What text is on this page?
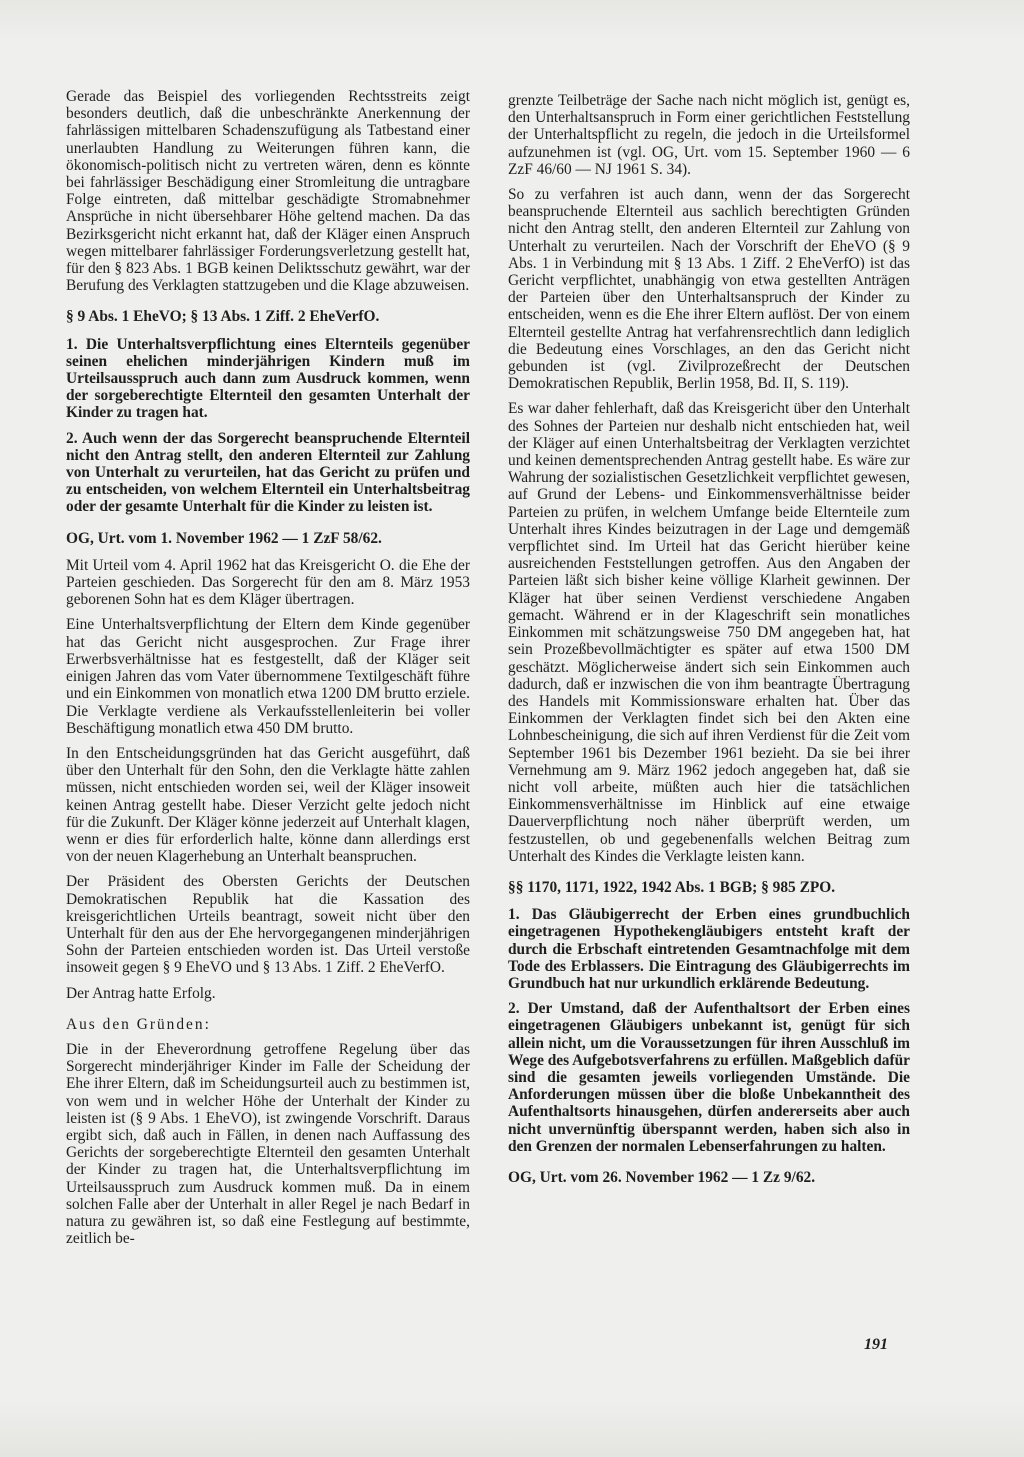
Gerade das Beispiel des vorliegenden Rechtsstreits zeigt besonders deutlich, daß die unbeschränkte Anerkennung der fahrlässigen mittelbaren Schadenszufügung als Tatbestand einer unerlaubten Handlung zu Weiterungen führen kann, die ökonomisch-politisch nicht zu vertreten wären, denn es könnte bei fahrlässiger Beschädigung einer Stromleitung die untragbare Folge eintreten, daß mittelbar geschädigte Stromabnehmer Ansprüche in nicht übersehbarer Höhe geltend machen. Da das Bezirksgericht nicht erkannt hat, daß der Kläger einen Anspruch wegen mittelbarer fahrlässiger Forderungsverletzung gestellt hat, für den § 823 Abs. 1 BGB keinen Deliktsschutz gewährt, war der Berufung des Verklagten stattzugeben und die Klage abzuweisen.

§ 9 Abs. 1 EheVO; § 13 Abs. 1 Ziff. 2 EheVerfO.

1. Die Unterhaltsverpflichtung eines Elternteils gegenüber seinen ehelichen minderjährigen Kindern muß im Urteilsausspruch auch dann zum Ausdruck kommen, wenn der sorgeberechtigte Elternteil den gesamten Unterhalt der Kinder zu tragen hat.

2. Auch wenn der das Sorgerecht beanspruchende Elternteil nicht den Antrag stellt, den anderen Elternteil zur Zahlung von Unterhalt zu verurteilen, hat das Gericht zu prüfen und zu entscheiden, von welchem Elternteil ein Unterhaltsbeitrag oder der gesamte Unterhalt für die Kinder zu leisten ist.

OG, Urt. vom 1. November 1962 — 1 ZzF 58/62.

Mit Urteil vom 4. April 1962 hat das Kreisgericht O. die Ehe der Parteien geschieden. Das Sorgerecht für den am 8. März 1953 geborenen Sohn hat es dem Kläger übertragen.

Eine Unterhaltsverpflichtung der Eltern dem Kinde gegenüber hat das Gericht nicht ausgesprochen. Zur Frage ihrer Erwerbsverhältnisse hat es festgestellt, daß der Kläger seit einigen Jahren das vom Vater übernommene Textilgeschäft führe und ein Einkommen von monatlich etwa 1200 DM brutto erziele. Die Verklagte verdiene als Verkaufsstellenleiterin bei voller Beschäftigung monatlich etwa 450 DM brutto.

In den Entscheidungsgründen hat das Gericht ausgeführt, daß über den Unterhalt für den Sohn, den die Verklagte hätte zahlen müssen, nicht entschieden worden sei, weil der Kläger insoweit keinen Antrag gestellt habe. Dieser Verzicht gelte jedoch nicht für die Zukunft. Der Kläger könne jederzeit auf Unterhalt klagen, wenn er dies für erforderlich halte, könne dann allerdings erst von der neuen Klagerhebung an Unterhalt beanspruchen.

Der Präsident des Obersten Gerichts der Deutschen Demokratischen Republik hat die Kassation des kreisgerichtlichen Urteils beantragt, soweit nicht über den Unterhalt für den aus der Ehe hervorgegangenen minderjährigen Sohn der Parteien entschieden worden ist. Das Urteil verstoße insoweit gegen § 9 EheVO und § 13 Abs. 1 Ziff. 2 EheVerfO.

Der Antrag hatte Erfolg.

Aus den Gründen:

Die in der Eheverordnung getroffene Regelung über das Sorgerecht minderjähriger Kinder im Falle der Scheidung der Ehe ihrer Eltern, daß im Scheidungsurteil auch zu bestimmen ist, von wem und in welcher Höhe der Unterhalt der Kinder zu leisten ist (§ 9 Abs. 1 EheVO), ist zwingende Vorschrift. Daraus ergibt sich, daß auch in Fällen, in denen nach Auffassung des Gerichts der sorgeberechtigte Elternteil den gesamten Unterhalt der Kinder zu tragen hat, die Unterhaltsverpflichtung im Urteilsausspruch zum Ausdruck kommen muß. Da in einem solchen Falle aber der Unterhalt in aller Regel je nach Bedarf in natura zu gewähren ist, so daß eine Festlegung auf bestimmte, zeitlich be-

grenzte Teilbeträge der Sache nach nicht möglich ist, genügt es, den Unterhaltsanspruch in Form einer gerichtlichen Feststellung der Unterhaltspflicht zu regeln, die jedoch in die Urteilsformel aufzunehmen ist (vgl. OG, Urt. vom 15. September 1960 — 6 ZzF 46/60 — NJ 1961 S. 34).

So zu verfahren ist auch dann, wenn der das Sorgerecht beanspruchende Elternteil aus sachlich berechtigten Gründen nicht den Antrag stellt, den anderen Elternteil zur Zahlung von Unterhalt zu verurteilen. Nach der Vorschrift der EheVO (§ 9 Abs. 1 in Verbindung mit § 13 Abs. 1 Ziff. 2 EheVerfO) ist das Gericht verpflichtet, unabhängig von etwa gestellten Anträgen der Parteien über den Unterhaltsanspruch der Kinder zu entscheiden, wenn es die Ehe ihrer Eltern auflöst. Der von einem Elternteil gestellte Antrag hat verfahrensrechtlich dann lediglich die Bedeutung eines Vorschlages, an den das Gericht nicht gebunden ist (vgl. Zivilprozeßrecht der Deutschen Demokratischen Republik, Berlin 1958, Bd. II, S. 119).

Es war daher fehlerhaft, daß das Kreisgericht über den Unterhalt des Sohnes der Parteien nur deshalb nicht entschieden hat, weil der Kläger auf einen Unterhaltsbeitrag der Verklagten verzichtet und keinen dementsprechenden Antrag gestellt habe. Es wäre zur Wahrung der sozialistischen Gesetzlichkeit verpflichtet gewesen, auf Grund der Lebens- und Einkommensverhältnisse beider Parteien zu prüfen, in welchem Umfange beide Elternteile zum Unterhalt ihres Kindes beizutragen in der Lage und demgemäß verpflichtet sind. Im Urteil hat das Gericht hierüber keine ausreichenden Feststellungen getroffen. Aus den Angaben der Parteien läßt sich bisher keine völlige Klarheit gewinnen. Der Kläger hat über seinen Verdienst verschiedene Angaben gemacht. Während er in der Klageschrift sein monatliches Einkommen mit schätzungsweise 750 DM angegeben hat, hat sein Prozeßbevollmächtigter es später auf etwa 1500 DM geschätzt. Möglicherweise ändert sich sein Einkommen auch dadurch, daß er inzwischen die von ihm beantragte Übertragung des Handels mit Kommissionsware erhalten hat. Über das Einkommen der Verklagten findet sich bei den Akten eine Lohnbescheinigung, die sich auf ihren Verdienst für die Zeit vom September 1961 bis Dezember 1961 bezieht. Da sie bei ihrer Vernehmung am 9. März 1962 jedoch angegeben hat, daß sie nicht voll arbeite, müßten auch hier die tatsächlichen Einkommensverhältnisse im Hinblick auf eine etwaige Dauerverpflichtung noch näher überprüft werden, um festzustellen, ob und gegebenenfalls welchen Beitrag zum Unterhalt des Kindes die Verklagte leisten kann.

§§ 1170, 1171, 1922, 1942 Abs. 1 BGB; § 985 ZPO.

1. Das Gläubigerrecht der Erben eines grundbuchlich eingetragenen Hypothekengläubigers entsteht kraft der durch die Erbschaft eintretenden Gesamtnachfolge mit dem Tode des Erblassers. Die Eintragung des Gläubigerrechts im Grundbuch hat nur urkundlich erklärende Bedeutung.

2. Der Umstand, daß der Aufenthaltsort der Erben eines eingetragenen Gläubigers unbekannt ist, genügt für sich allein nicht, um die Voraussetzungen für ihren Ausschluß im Wege des Aufgebotsverfahrens zu erfüllen. Maßgeblich dafür sind die gesamten jeweils vorliegenden Umstände. Die Anforderungen müssen über die bloße Unbekanntheit des Aufenthaltsorts hinausgehen, dürfen andererseits aber auch nicht unvernünftig überspannt werden, haben sich also in den Grenzen der normalen Lebenserfahrungen zu halten.

OG, Urt. vom 26. November 1962 — 1 Zz 9/62.

191
